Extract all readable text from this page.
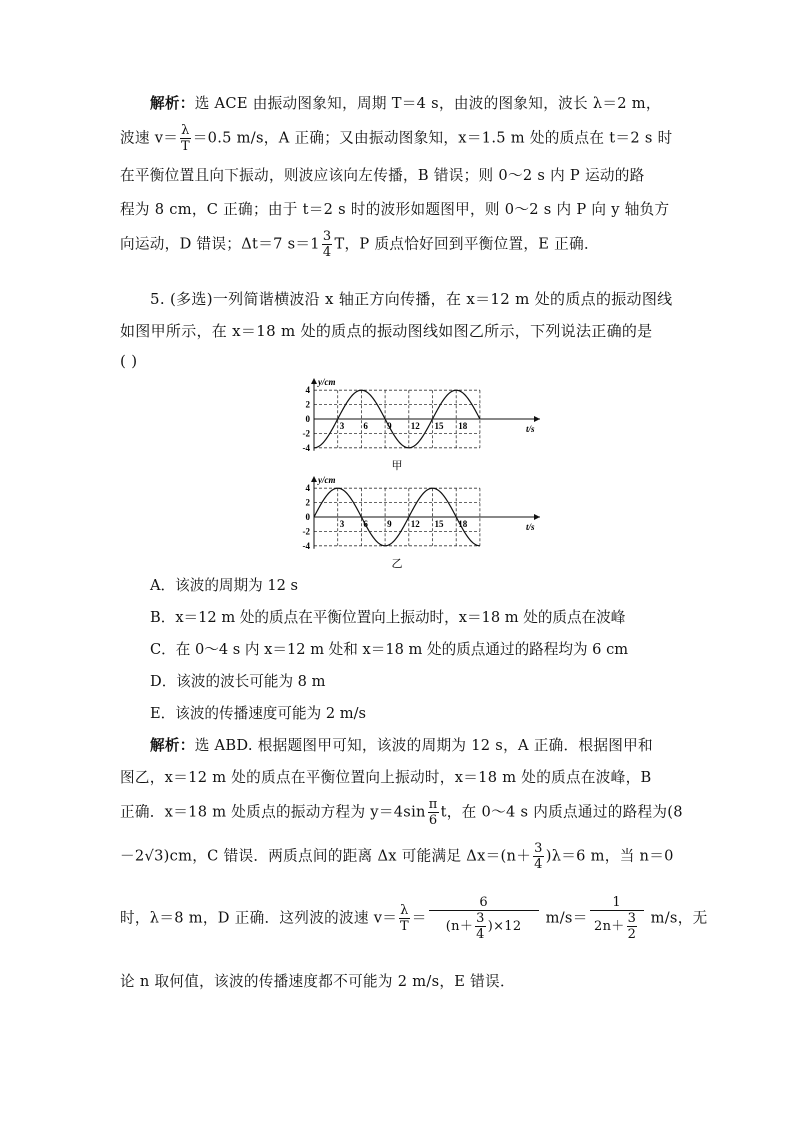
解析：选 ACE 由振动图象知，周期 T＝4 s，由波的图象知，波长 λ＝2 m，
波速 $v= \frac{\lambda}{T} =0.5$ m/s，A 正确；又由振动图象知，x＝1.5 m 处的质点在 t＝2 s 时
在平衡位置且向下振动，则波应该向左传播，B 错误；则 0～2 s 内 P 运动的路
程为 8 cm，C 正确；由于 t＝2 s 时的波形如题图甲，则 0～2 s 内 P 向 y 轴负方
向运动，D 错误；Δt＝7 $s=1 \frac{3}{4}$ T，P 质点恰好回到平衡位置，E 正确．
5. (多选)一列简谐横波沿 x 轴正方向传播，在 x＝12 m 处的质点的振动图线
如图甲所示，在 x＝18 m 处的质点的振动图线如图乙所示，下列说法正确的是
( )
y/cm
t/s
4
2
0
-2
-4
3 6 9 12 15 18
甲
y/cm
t/s
4
2
0
-2
-4
3 6 9 12 15 18
乙
A．该波的周期为 12 s
B．x＝12 m 处的质点在平衡位置向上振动时，x＝18 m 处的质点在波峰
C．在 0～4 s 内 x＝12 m 处和 x＝18 m 处的质点通过的路程均为 6 cm
D．该波的波长可能为 8 m
E．该波的传播速度可能为 2 m/s
解析：选 ABD. 根据题图甲可知，该波的周期为 12 s，A 正确．根据图甲和
图乙，x＝12 m 处的质点在平衡位置向上振动时，x＝18 m 处的质点在波峰，B
正确．x＝18 m 处质点的振动方程为 $y=4\sin \frac{\pi}{6}$ t，在 0～4 s 内质点通过的路程为(8
－2√3)cm，C 错误．两质点间的距离 Δx 可能满足 $\Delta x=(n+ \frac{3}{4} )\lambda=6$ m，当 n＝0
时，λ＝8 m，D 正确．这列波的波速 $v= \frac{\lambda}{T} = \frac{6}{(n+ \frac{3}{4} )\times 12} m/s= \frac{1}{2n+ \frac{3}{2}} m/s$，无
论 n 取何值，该波的传播速度都不可能为 2 m/s，E 错误．
